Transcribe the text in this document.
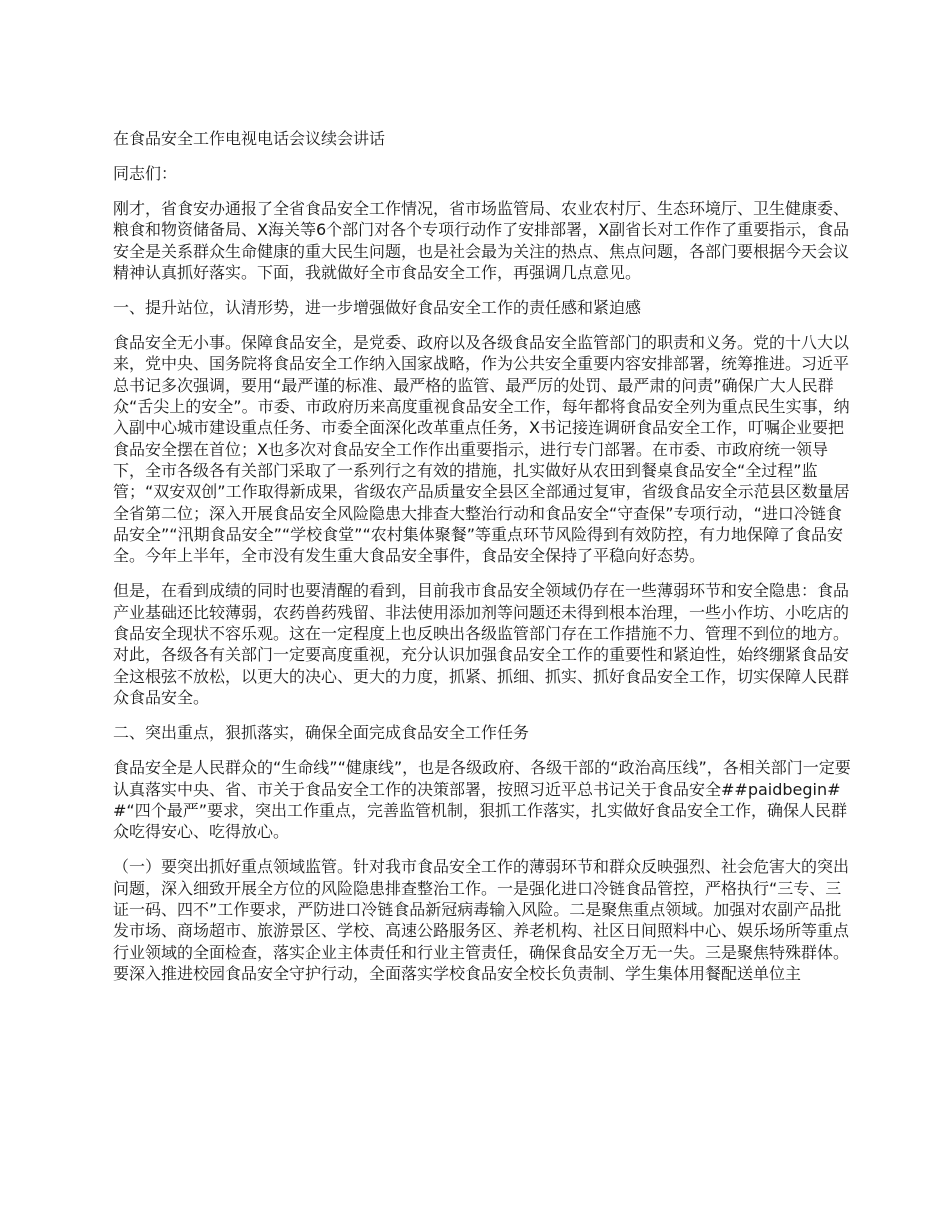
在食品安全工作电视电话会议续会讲话
同志们：
刚才，省食安办通报了全省食品安全工作情况，省市场监管局、农业农村厅、生态环境厅、卫生健康委、粮食和物资储备局、X海关等6个部门对各个专项行动作了安排部署，X副省长对工作作了重要指示，食品安全是关系群众生命健康的重大民生问题，也是社会最为关注的热点、焦点问题，各部门要根据今天会议精神认真抓好落实。下面，我就做好全市食品安全工作，再强调几点意见。
一、提升站位，认清形势，进一步增强做好食品安全工作的责任感和紧迫感
食品安全无小事。保障食品安全，是党委、政府以及各级食品安全监管部门的职责和义务。党的十八大以来，党中央、国务院将食品安全工作纳入国家战略，作为公共安全重要内容安排部署，统筹推进。习近平总书记多次强调，要用“最严谨的标准、最严格的监管、最严厉的处罚、最严肃的问责”确保广大人民群众“舌尖上的安全”。市委、市政府历来高度重视食品安全工作，每年都将食品安全列为重点民生实事，纳入副中心城市建设重点任务、市委全面深化改革重点任务，X书记接连调研食品安全工作，叮嘱企业要把食品安全摆在首位；X也多次对食品安全工作作出重要指示，进行专门部署。在市委、市政府统一领导下，全市各级各有关部门采取了一系列行之有效的措施，扎实做好从农田到餐桌食品安全“全过程”监管；“双安双创”工作取得新成果，省级农产品质量安全县区全部通过复审，省级食品安全示范县区数量居全省第二位；深入开展食品安全风险隐患大排查大整治行动和食品安全“守查保”专项行动，“进口冷链食品安全”“汛期食品安全”“学校食堂”“农村集体聚餐”等重点环节风险得到有效防控，有力地保障了食品安全。今年上半年，全市没有发生重大食品安全事件，食品安全保持了平稳向好态势。
但是，在看到成绩的同时也要清醒的看到，目前我市食品安全领域仍存在一些薄弱环节和安全隐患：食品产业基础还比较薄弱，农药兽药残留、非法使用添加剂等问题还未得到根本治理，一些小作坊、小吃店的食品安全现状不容乐观。这在一定程度上也反映出各级监管部门存在工作措施不力、管理不到位的地方。对此，各级各有关部门一定要高度重视，充分认识加强食品安全工作的重要性和紧迫性，始终绷紧食品安全这根弦不放松，以更大的决心、更大的力度，抓紧、抓细、抓实、抓好食品安全工作，切实保障人民群众食品安全。
二、突出重点，狠抓落实，确保全面完成食品安全工作任务
食品安全是人民群众的“生命线”“健康线”，也是各级政府、各级干部的“政治高压线”，各相关部门一定要认真落实中央、省、市关于食品安全工作的决策部署，按照习近平总书记关于食品安全##paidbegin##“四个最严”要求，突出工作重点，完善监管机制，狠抓工作落实，扎实做好食品安全工作，确保人民群众吃得安心、吃得放心。
（一）要突出抓好重点领域监管。针对我市食品安全工作的薄弱环节和群众反映强烈、社会危害大的突出问题，深入细致开展全方位的风险隐患排查整治工作。一是强化进口冷链食品管控，严格执行“三专、三证一码、四不”工作要求，严防进口冷链食品新冠病毒输入风险。二是聚焦重点领域。加强对农副产品批发市场、商场超市、旅游景区、学校、高速公路服务区、养老机构、社区日间照料中心、娱乐场所等重点行业领域的全面检查，落实企业主体责任和行业主管责任，确保食品安全万无一失。三是聚焦特殊群体。要深入推进校园食品安全守护行动，全面落实学校食品安全校长负责制、学生集体用餐配送单位主
